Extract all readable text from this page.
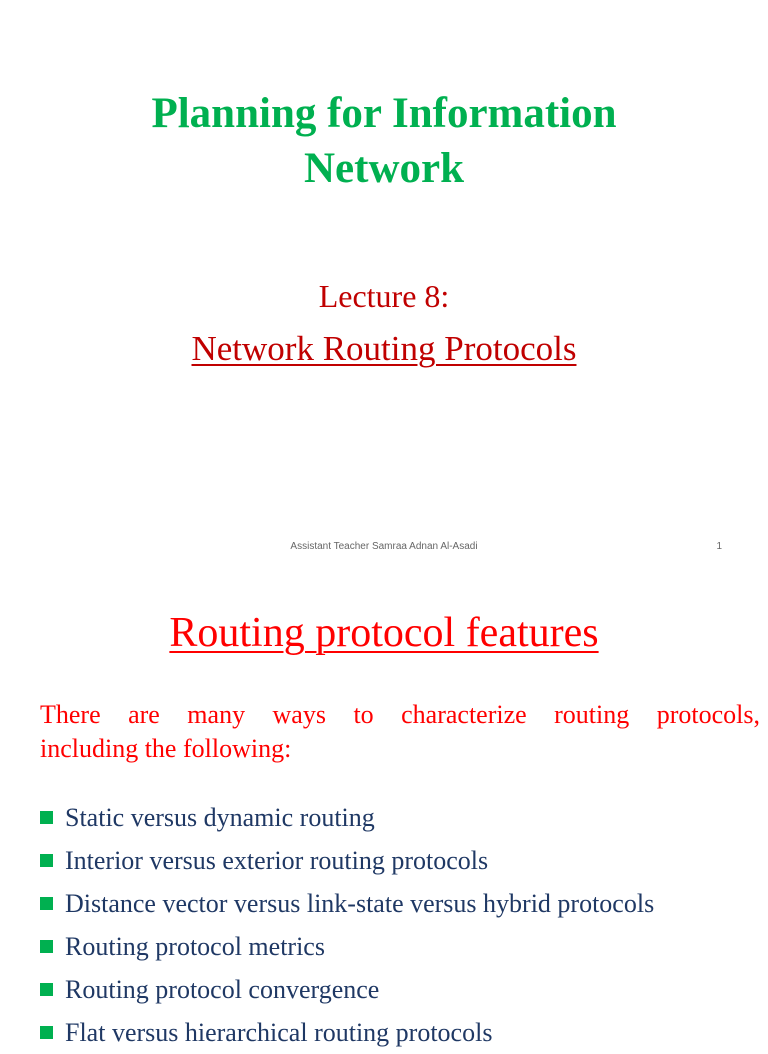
Planning for Information
Network
Lecture 8:
Network Routing Protocols
Assistant Teacher Samraa Adnan Al-Asadi	1
Routing protocol features
There are many ways to characterize routing protocols,
including the following:
Static versus dynamic routing
Interior versus exterior routing protocols
Distance vector versus link-state versus hybrid protocols
Routing protocol metrics
Routing protocol convergence
Flat versus hierarchical routing protocols
